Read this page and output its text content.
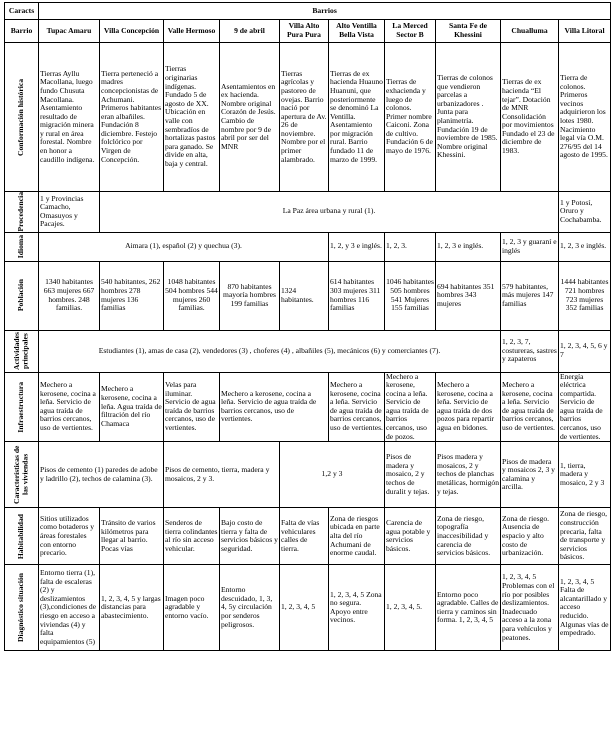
Caracts	Barrios									
Barrio	Tupac Amaru	Villa Concepción	Valle Hermoso	9 de abril	Villa Alto Pura Pura	Alto Ventilla Bella Vista	La Merced Sector B	Santa Fe de Khessini	Chualluma	Villa Litoral

Conformación histórica	Tierras Ayllu Macollana, luego fundo Chusuta Macollana. Asentamiento resultado de migración minera y rural en área forestal. Nombre en honor a caudillo indígena.	Tierra perteneció a madres concepcionistas de Achumani. Primeros habitantes eran albañiles. Fundación 8 diciembre. Festejo folclórico por Virgen de Concepción.	Tierras originarias indígenas. Fundado 5 de agosto de XX. Ubicación en valle con sembradíos de hortalizas pastos para ganado. Se divide en alta, baja y central.	Asentamientos en ex hacienda. Nombre original Corazón de Jesús. Cambio de nombre por 9 de abril por ser del MNR	Tierras agrícolas y pastoreo de ovejas. Barrio nació por apertura de Av. 26 de noviembre. Nombre por el primer alambrado.	Tierras de ex hacienda Huauno Huanuni, que posteriormente se denominó La Ventilla. Asentamiento por migración rural. Barrio fundado 11 de marzo de 1999.	Tierras de exhacienda y luego de colonos. Primer nombre Caiconi. Zona de cultivo. Fundación 6 de mayo de 1976.	Tierras de colonos que vendieron parcelas a urbanizadores . Junta para planimetría. Fundación 19 de noviembre de 1985. Nombre original Khessini.	Tierras de ex hacienda “El tejar”. Dotación de MNR Consolidación por movimientos Fundado el 23 de diciembre de 1983.	Tierra de colonos. Primeros vecinos adquirieron los lotes 1980. Nacimiento legal vía O.M. 276/95 del 14 agosto de 1995.

Procedencia	1 y Provincias Camacho, Omasuyos y Pacajes.	La Paz área urbana y rural (1).								1 y Potosí, Oruro y Cochabamba.

Idioma	Aimara (1), español (2) y quechua (3).					1, 2, y 3 e inglés.	1, 2, 3.	1, 2, 3 e inglés.	1, 2, 3 y guaraní e inglés	1, 2, 3 e inglés.

Población	1340 habitantes 663 mujeres 667 hombres. 248 familias.	540 habitantes, 262 hombres 278 mujeres 136 familias	1048 habitantes 504 hombres 544 mujeres 260 familias.	870 habitantes mayoría hombres 199 familias	1324 habitantes.	614 habitantes 303 mujeres 311 hombres 116 familias	1046 habitantes 505 hombres 541 Mujeres 155 familias	694 habitantes 351 hombres 343 mujeres	579 habitantes, más mujeres 147 familias	1444 habitantes 721 hombres 723 mujeres 352 familias

Actividades principales	Estudiantes (1), amas de casa (2), vendedores (3) , choferes (4) , albañiles (5), mecánicos (6) y comerciantes (7).								1, 2, 3, 7, costureras, sastres y zapateros	1, 2, 3, 4, 5, 6 y 7

Infraestructura	Mechero a kerosene, cocina a leña. Servicio de agua traída de barrios cercanos, uso de vertientes.	Mechero a kerosene, cocina a leña. Agua traída de filtración del río Chamaca	Velas para iluminar. Servicio de agua traída de barrios cercanos, uso de vertientes.	Mechero a kerosene, cocina a leña. Servicio de agua traída de barrios cercanos, uso de vertientes.		Mechero a kerosene, cocina a leña. Servicio de agua traída de barrios cercanos, uso de vertientes.	Mechero a kerosene, cocina a leña. Servicio de agua traída de barrios cercanos, uso de pozos.	Mechero a kerosene, cocina a leña. Servicio de agua traída de dos pozos para repartir agua en bidones.	Mechero a kerosene, cocina a leña. Servicio de agua traída de barrios cercanos, uso de vertientes.	Energía eléctrica compartida. Servicio de agua traída de barrios cercanos, uso de vertientes.

Características de las viviendas	Pisos de cemento (1) paredes de adobe y ladrillo (2), techos de calamina (3).		Pisos de cemento, tierra, madera y mosaicos, 2 y 3.		1,2 y 3		Pisos de madera y mosaico, 2 y techos de duralit y tejas.	Pisos madera y mosaicos, 2 y techos de planchas metálicas, hormigón y tejas.	Pisos de madera y mosaicos 2, 3 y calamina y arcilla.	1, tierra, madera y mosaico, 2 y 3

Habitabilidad	Sitios utilizados como botaderos y áreas forestales con entorno precario.	Tránsito de varios kilómetros para llegar al barrio. Pocas vías	Senderos de tierra colindantes al río sin acceso vehicular.	Bajo costo de tierra y falta de servicios básicos y seguridad.	Falta de vías vehiculares calles de tierra.	Zona de riesgos ubicada en parte alta del río Achumani de enorme caudal.	Carencia de agua potable y servicios básicos.	Zona de riesgo, topografía inaccesibilidad y carencia de servicios básicos.	Zona de riesgo. Ausencia de espacio y alto costo de urbanización.	Zona de riesgo, construcción precaria, falta de transporte y servicios básicos.

Diagnóstico situación	Entorno tierra (1), falta de escaleras (2) y deslizamientos (3),condiciones de riesgo en acceso a viviendas (4) y falta equipamientos (5)	1, 2, 3, 4, 5 y largas distancias para abastecimiento.	Imagen poco agradable y entorno vacío.	Entorno descuidado, 1, 3, 4, 5y circulación por senderos peligrosos.	1, 2, 3, 4, 5	1, 2, 3, 4, 5 Zona no segura. Apoyo entre vecinos.	1, 2, 3, 4, 5.	Entorno poco agradable. Calles de tierra y caminos sin forma. 1, 2, 3, 4, 5	1, 2, 3, 4, 5 Problemas con el río por posibles deslizamientos. Inadecuado acceso a la zona para vehículos y peatones.	1, 2, 3, 4, 5 Falta de alcantarillado y acceso reducido. Algunas vías de empedrado.
